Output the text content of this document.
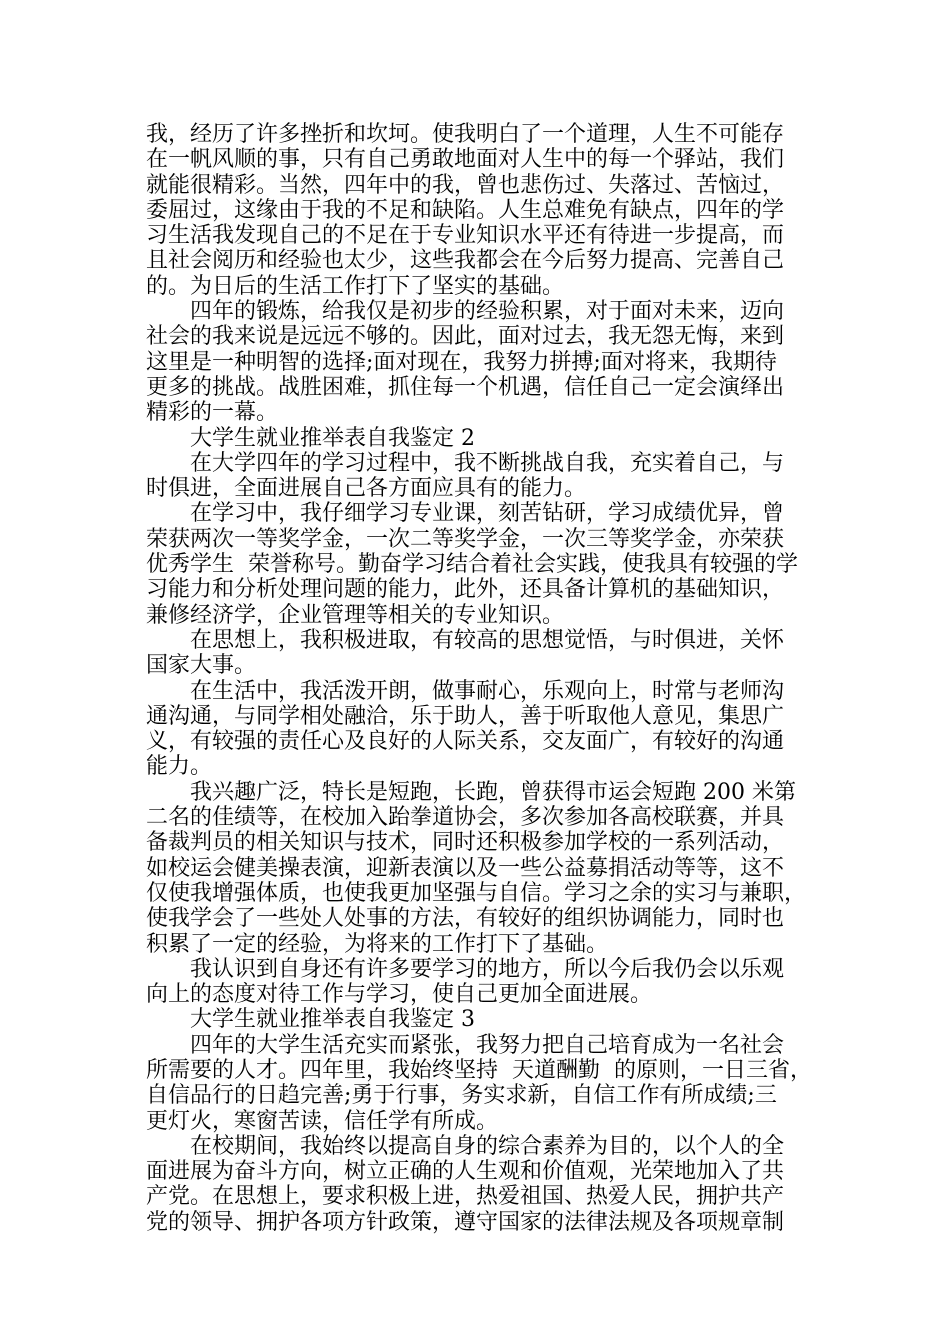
我，经历了许多挫折和坎坷。使我明白了一个道理，人生不可能存
在一帆风顺的事，只有自己勇敢地面对人生中的每一个驿站，我们
就能很精彩。当然，四年中的我，曾也悲伤过、失落过、苦恼过，
委屈过，这缘由于我的不足和缺陷。人生总难免有缺点，四年的学
习生活我发现自己的不足在于专业知识水平还有待进一步提高，而
且社会阅历和经验也太少，这些我都会在今后努力提高、完善自己
的。为日后的生活工作打下了坚实的基础。
　　四年的锻炼，给我仅是初步的经验积累，对于面对未来，迈向
社会的我来说是远远不够的。因此，面对过去，我无怨无悔，来到
这里是一种明智的选择;面对现在，我努力拼搏;面对将来，我期待
更多的挑战。战胜困难，抓住每一个机遇，信任自己一定会演绎出
精彩的一幕。
　　大学生就业推举表自我鉴定 2
　　在大学四年的学习过程中，我不断挑战自我，充实着自己，与
时俱进，全面进展自己各方面应具有的能力。
　　在学习中，我仔细学习专业课，刻苦钻研，学习成绩优异，曾
荣获两次一等奖学金，一次二等奖学金，一次三等奖学金，亦荣获
优秀学生  荣誉称号。勤奋学习结合着社会实践，使我具有较强的学
习能力和分析处理问题的能力，此外，还具备计算机的基础知识，
兼修经济学，企业管理等相关的专业知识。
　　在思想上，我积极进取，有较高的思想觉悟，与时俱进，关怀
国家大事。
　　在生活中，我活泼开朗，做事耐心，乐观向上，时常与老师沟
通沟通，与同学相处融洽，乐于助人，善于听取他人意见，集思广
义，有较强的责任心及良好的人际关系，交友面广，有较好的沟通
能力。
　　我兴趣广泛，特长是短跑，长跑，曾获得市运会短跑 200 米第
二名的佳绩等，在校加入跆拳道协会，多次参加各高校联赛，并具
备裁判员的相关知识与技术，同时还积极参加学校的一系列活动，
如校运会健美操表演，迎新表演以及一些公益募捐活动等等，这不
仅使我增强体质，也使我更加坚强与自信。学习之余的实习与兼职，
使我学会了一些处人处事的方法，有较好的组织协调能力，同时也
积累了一定的经验，为将来的工作打下了基础。
　　我认识到自身还有许多要学习的地方，所以今后我仍会以乐观
向上的态度对待工作与学习，使自己更加全面进展。
　　大学生就业推举表自我鉴定 3
　　四年的大学生活充实而紧张，我努力把自己培育成为一名社会
所需要的人才。四年里，我始终坚持  天道酬勤  的原则，一日三省，
自信品行的日趋完善;勇于行事，务实求新，自信工作有所成绩;三
更灯火，寒窗苦读，信任学有所成。
　　在校期间，我始终以提高自身的综合素养为目的，以个人的全
面进展为奋斗方向，树立正确的人生观和价值观，光荣地加入了共
产党。在思想上，要求积极上进，热爱祖国、热爱人民，拥护共产
党的领导、拥护各项方针政策，遵守国家的法律法规及各项规章制
